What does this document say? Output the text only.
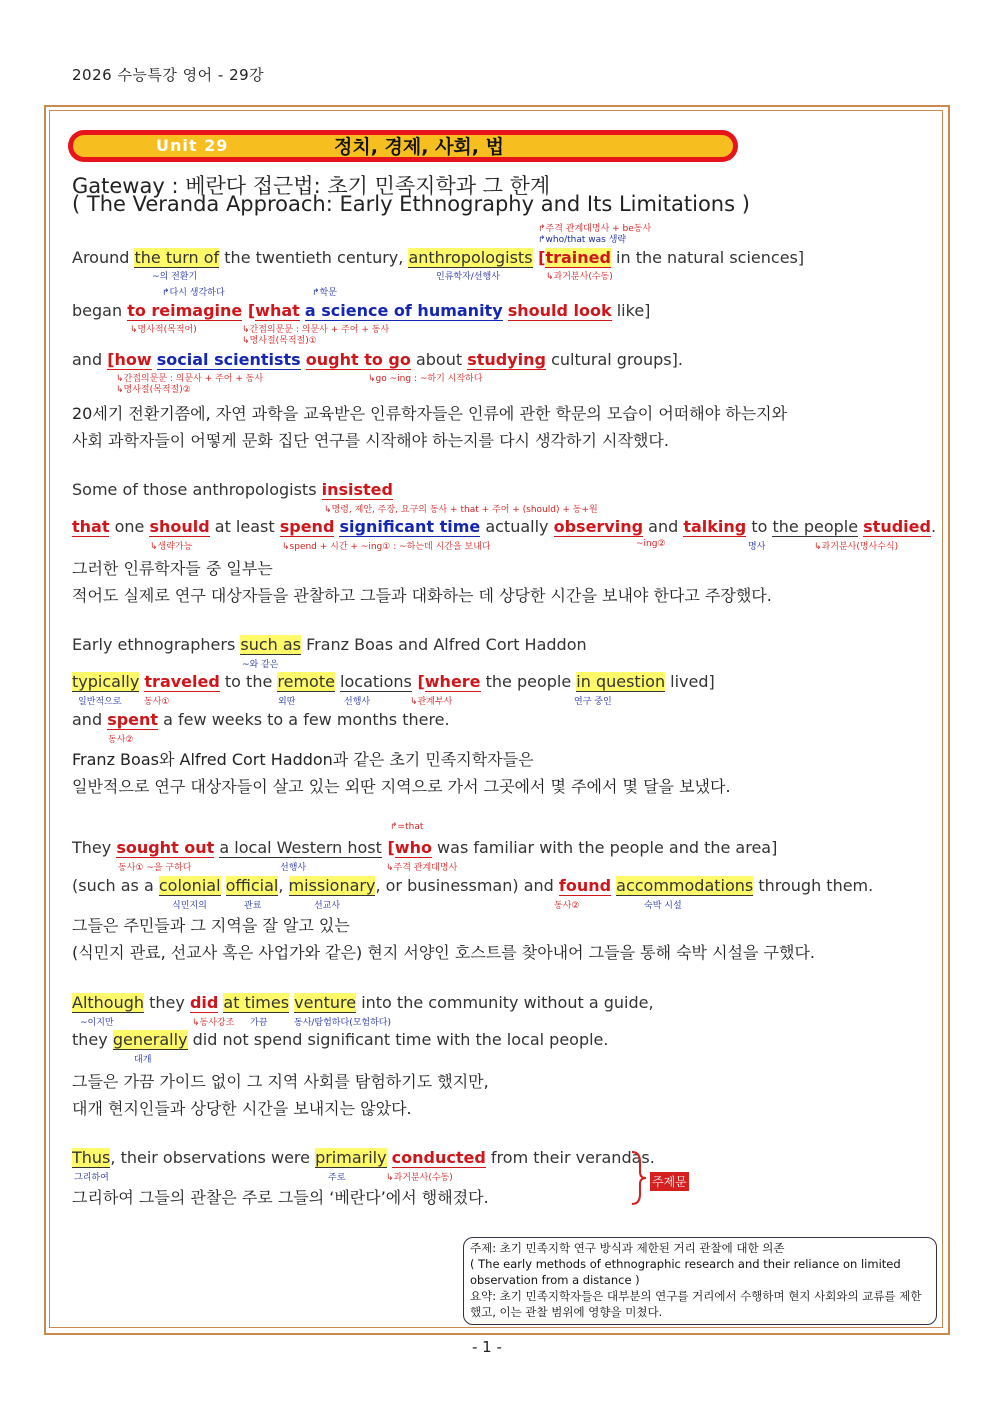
2026 수능특강 영어 - 29강
Unit 29	정치, 경제, 사회, 법
Gateway : 베란다 접근법: 초기 민족지학과 그 한계
( The Veranda Approach: Early Ethnography and Its Limitations )
↱주격 관계대명사 + be동사
↱who/that was 생략
Around the turn of the twentieth century, anthropologists [trained in the natural sciences]
~의 전환기	인류학자/선행사	↳과거분사(수동)
↱다시 생각하다	↱학문
began to reimagine [what a science of humanity should look like]
↳명사적(목적어)	↳간접의문문 : 의문사 + 주어 + 동사
↳명사절(목적절)①
and [how social scientists ought to go about studying cultural groups].
↳간접의문문 : 의문사 + 주어 + 동사
↳명사절(목적절)②
↳go ~ing : ~하기 시작하다
20세기 전환기쯤에, 자연 과학을 교육받은 인류학자들은 인류에 관한 학문의 모습이 어떠해야 하는지와
사회 과학자들이 어떻게 문화 집단 연구를 시작해야 하는지를 다시 생각하기 시작했다.
Some of those anthropologists insisted
↳명령, 제안, 주장, 요구의 동사 + that + 주어 + (should) + 동+원
that one should at least spend significant time actually observing and talking to the people studied.
↳생략가능	↳spend + 시간 + ~ing① : ~하는데 시간을 보내다	~ing②	명사	↳과거분사(명사수식)
그러한 인류학자들 중 일부는
적어도 실제로 연구 대상자들을 관찰하고 그들과 대화하는 데 상당한 시간을 보내야 한다고 주장했다.
Early ethnographers such as Franz Boas and Alfred Cort Haddon
~와 같은
typically traveled to the remote locations [where the people in question lived]
일반적으로	동사①	외딴	선행사	↳관계부사	연구 중인
and spent a few weeks to a few months there.
동사②
Franz Boas와 Alfred Cort Haddon과 같은 초기 민족지학자들은
일반적으로 연구 대상자들이 살고 있는 외딴 지역으로 가서 그곳에서 몇 주에서 몇 달을 보냈다.
↱=that
They sought out a local Western host [who was familiar with the people and the area]
동사① ~을 구하다	선행사	↳주격 관계대명사
(such as a colonial official, missionary, or businessman) and found accommodations through them.
식민지의	관료	선교사	동사②	숙박 시설
그들은 주민들과 그 지역을 잘 알고 있는
(식민지 관료, 선교사 혹은 사업가와 같은) 현지 서양인 호스트를 찾아내어 그들을 통해 숙박 시설을 구했다.
Although they did at times venture into the community without a guide,
~이지만	↳동사강조 가끔	동사/탐험하다(모험하다)
they generally did not spend significant time with the local people.
대개
그들은 가끔 가이드 없이 그 지역 사회를 탐험하기도 했지만,
대개 현지인들과 상당한 시간을 보내지는 않았다.
Thus, their observations were primarily conducted from their verandas.
그리하여	주로	↳과거분사(수동)
그리하여 그들의 관찰은 주로 그들의 ‘베란다’에서 행해졌다.
주제문

주제: 초기 민족지학 연구 방식과 제한된 거리 관찰에 대한 의존

( The early methods of ethnographic research and their reliance on limited observation from a distance )

요약: 초기 민족지학자들은 대부분의 연구를 거리에서 수행하며 현지 사회와의 교류를 제한했고, 이는 관찰 범위에 영향을 미쳤다.

- 1 -
